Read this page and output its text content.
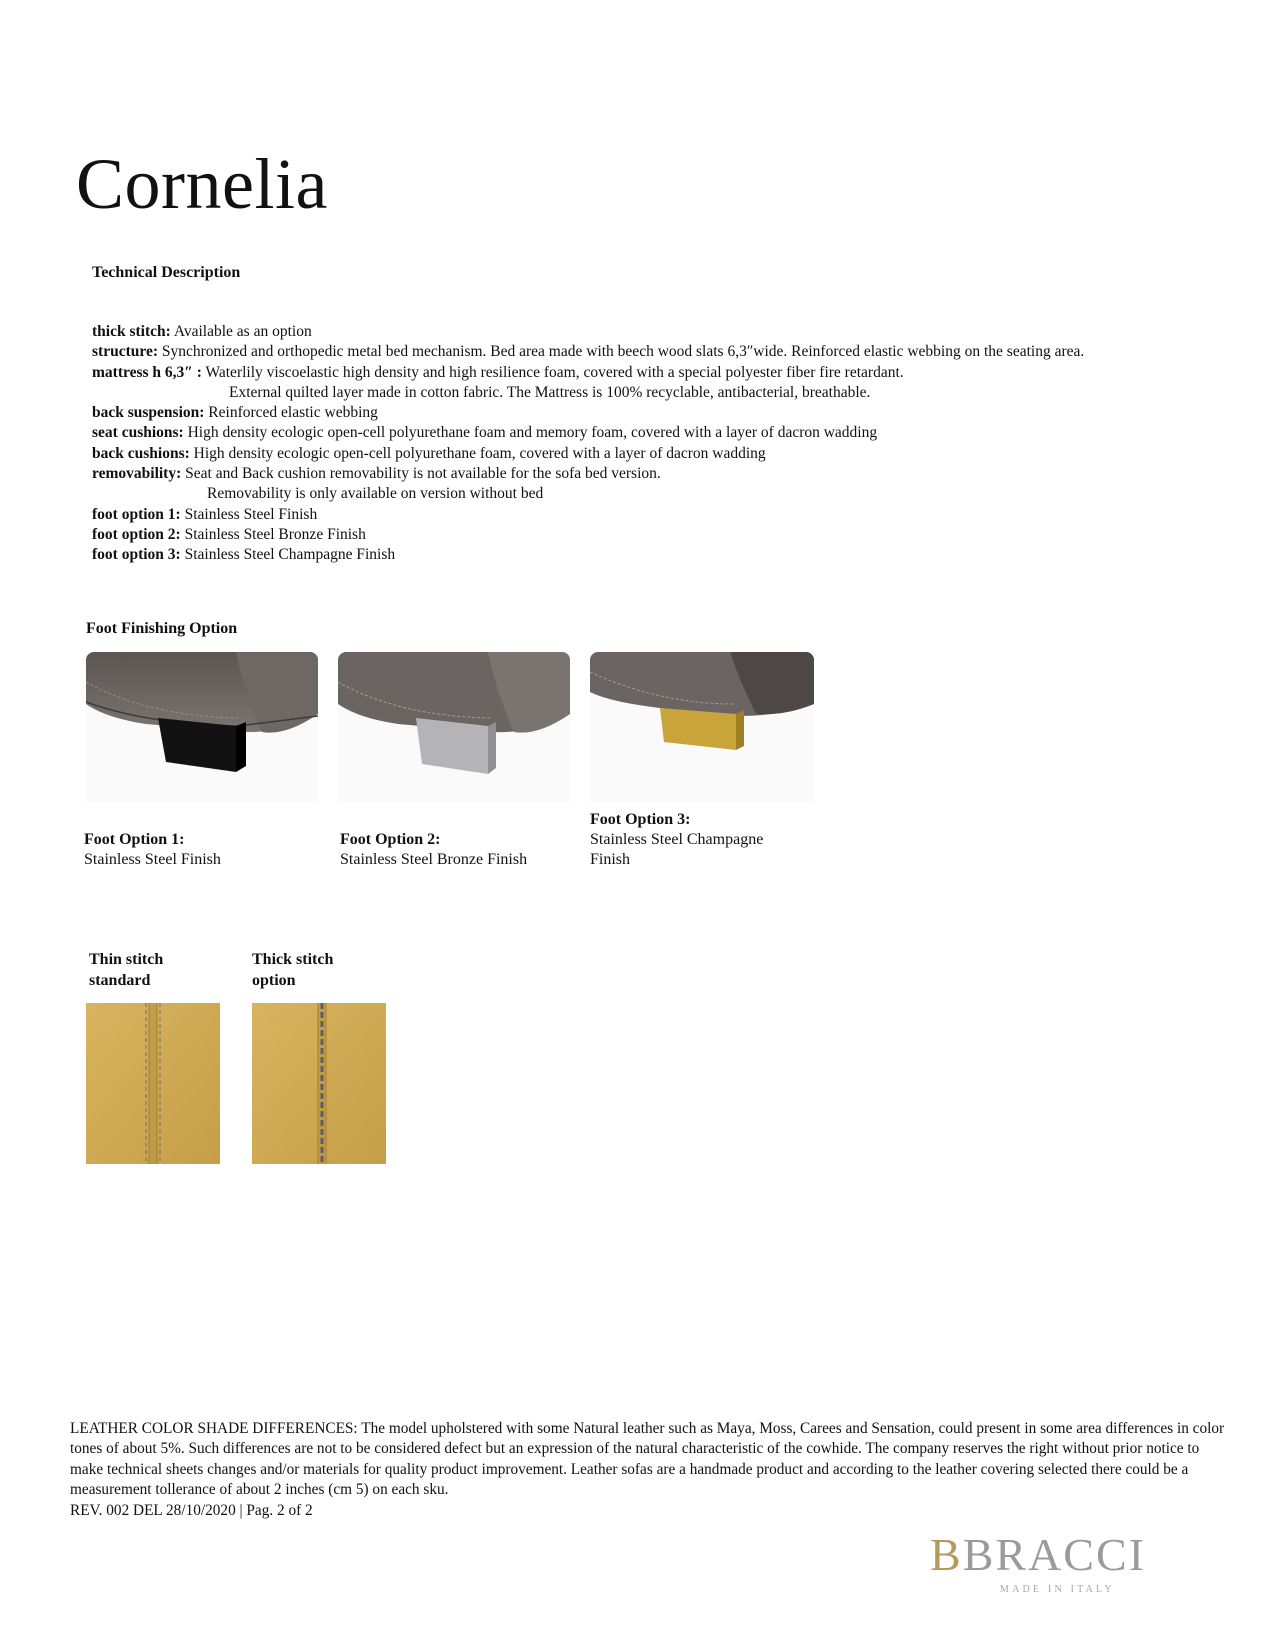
Cornelia
Technical Description
thick stitch: Available as an option
structure: Synchronized and orthopedic metal bed mechanism. Bed area made with beech wood slats 6,3″wide. Reinforced elastic webbing on the seating area.
mattress h 6,3″ : Waterlily viscoelastic high density and high resilience foam, covered with a special polyester fiber fire retardant.
External quilted layer made in cotton fabric. The Mattress is 100% recyclable, antibacterial, breathable.
back suspension: Reinforced elastic webbing
seat cushions: High density ecologic open-cell polyurethane foam and memory foam, covered with a layer of dacron wadding
back cushions: High density ecologic open-cell polyurethane foam, covered with a layer of dacron wadding
removability: Seat and Back cushion removability is not available for the sofa bed version.
Removability is only available on version without bed
foot option 1: Stainless Steel Finish
foot option 2: Stainless Steel Bronze Finish
foot option 3: Stainless Steel Champagne Finish
Foot Finishing Option
Foot Option 1:
Stainless Steel Finish
Foot Option 2:
Stainless Steel Bronze Finish
Foot Option 3:
Stainless Steel Champagne Finish
Thin stitch
standard
Thick stitch
option
LEATHER COLOR SHADE DIFFERENCES: The model upholstered with some Natural leather such as Maya, Moss, Carees and Sensation, could present in some area differences in color tones of about 5%. Such differences are not to be considered defect but an expression of the natural characteristic of the cowhide. The company reserves the right without prior notice to make technical sheets changes and/or materials for quality product improvement. Leather sofas are a handmade product and according to the leather covering selected there could be a measurement tollerance of about 2 inches (cm 5) on each sku.
REV. 002 DEL 28/10/2020 | Pag. 2 of 2
BBRACCI
MADE IN ITALY
